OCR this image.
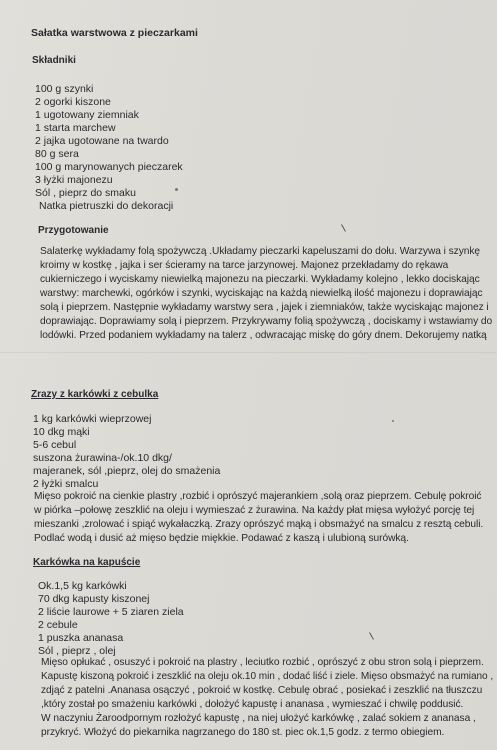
Sałatka warstwowa z pieczarkami
Składniki
100 g szynki
2 ogorki kiszone
1 ugotowany ziemniak
1 starta marchew
2 jajka ugotowane na twardo
80 g sera
100 g marynowanych pieczarek
3 łyżki majonezu
Sól , pieprz do smaku
Natka pietruszki do dekoracji
Przygotowanie
Salaterkę wykładamy folą spożywczą .Układamy pieczarki kapeluszami do dołu. Warzywa i szynkę
kroimy w kostkę , jajka i ser ścieramy na tarce jarzynowej. Majonez przekładamy do rękawa
cukierniczego i wyciskamy niewielką majonezu na pieczarki. Wykładamy kolejno , lekko dociskając
warstwy: marchewki, ogórków i szynki, wyciskając na każdą niewielką ilość majonezu i doprawiając
solą i pieprzem. Następnie wykładamy warstwy sera , jajek i ziemniaków, także wyciskając majonez i
doprawiając. Doprawiamy solą i pieprzem. Przykrywamy folią spożywczą , dociskamy i wstawiamy do
lodówki. Przed podaniem wykładamy na talerz , odwracając miskę do góry dnem. Dekorujemy natką
Zrazy z karkówki z cebulka
1 kg karkówki wieprzowej
10 dkg mąki
5-6 cebul
suszona żurawina-/ok.10 dkg/
majeranek, sól ,pieprz, olej do smażenia
2 łyżki smalcu
Mięso pokroić na cienkie plastry ,rozbić i oprószyć majerankiem ,solą oraz pieprzem. Cebulę pokroić
w piórka –połowę zeszklić na oleju i wymieszać z żurawina. Na każdy płat mięsa wyłożyć porcję tej
mieszanki ,zrolować i spiąć wykałaczką. Zrazy oprószyć mąką i obsmażyć na smalcu z resztą cebuli.
Podlać wodą i dusić aż mięso będzie miękkie. Podawać z kaszą i ulubioną surówką.
Karkówka na kapuście
Ok.1,5 kg karkówki
70 dkg kapusty kiszonej
2 liście laurowe + 5 ziaren ziela
2 cebule
1 puszka ananasa
Sól , pieprz , olej
Mięso opłukać , osuszyć i pokroić na plastry , leciutko rozbić , oprószyć z obu stron solą i pieprzem.
Kapustę kiszoną pokroić i zeszklić na oleju ok.10 min , dodać liść i ziele. Mięso obsmażyć na rumiano ,
zdjąć z patelni .Ananasa osączyć , pokroić w kostkę. Cebulę obrać , posiekać i zeszklić na tłuszczu
,który został po smażeniu karkówki , dołożyć kapustę i ananasa , wymieszać i chwilę poddusić.
W naczyniu Żaroodpornym rozłożyć kapustę , na niej ułożyć karkówkę , zalać sokiem z ananasa ,
przykryć. Włożyć do piekarnika nagrzanego do 180 st. piec ok.1,5 godz. z termo obiegiem.
